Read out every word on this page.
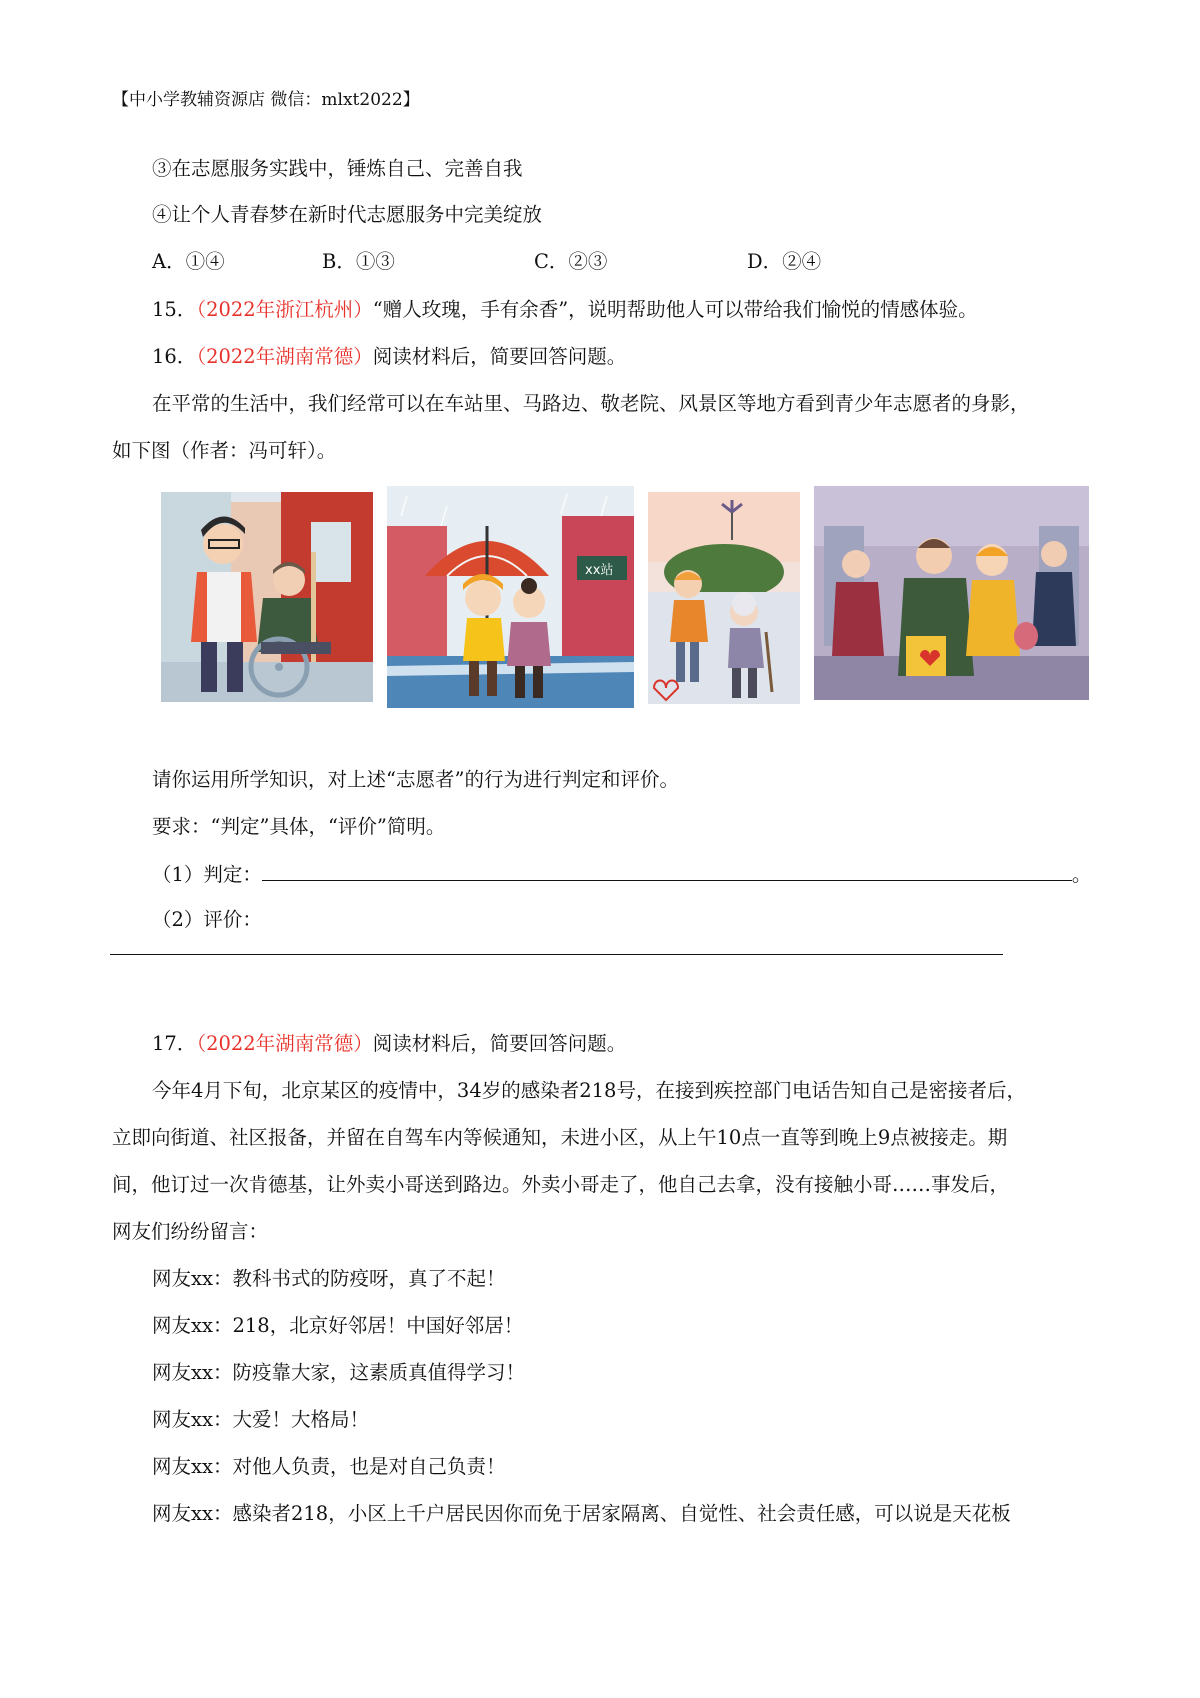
【中小学教辅资源店 微信：mlxt2022】
③在志愿服务实践中，锤炼自己、完善自我
④让个人青春梦在新时代志愿服务中完美绽放
A．①④	B．①③	C．②③	D．②④
15．（2022年浙江杭州）“赠人玫瑰，手有余香”，说明帮助他人可以带给我们愉悦的情感体验。
16．（2022年湖南常德）阅读材料后，简要回答问题。
在平常的生活中，我们经常可以在车站里、马路边、敬老院、风景区等地方看到青少年志愿者的身影，
如下图（作者：冯可轩）。
xx站
请你运用所学知识，对上述“志愿者”的行为进行判定和评价。
要求：“判定”具体，“评价”简明。
（1）判定：	。
（2）评价：
17．（2022年湖南常德）阅读材料后，简要回答问题。
今年4月下旬，北京某区的疫情中，34岁的感染者218号，在接到疾控部门电话告知自己是密接者后，
立即向街道、社区报备，并留在自驾车内等候通知，未进小区，从上午10点一直等到晚上9点被接走。期
间，他订过一次肯德基，让外卖小哥送到路边。外卖小哥走了，他自己去拿，没有接触小哥……事发后，
网友们纷纷留言：
网友xx：教科书式的防疫呀，真了不起！
网友xx：218，北京好邻居！中国好邻居！
网友xx：防疫靠大家，这素质真值得学习！
网友xx：大爱！大格局！
网友xx：对他人负责，也是对自己负责！
网友xx：感染者218，小区上千户居民因你而免于居家隔离、自觉性、社会责任感，可以说是天花板
